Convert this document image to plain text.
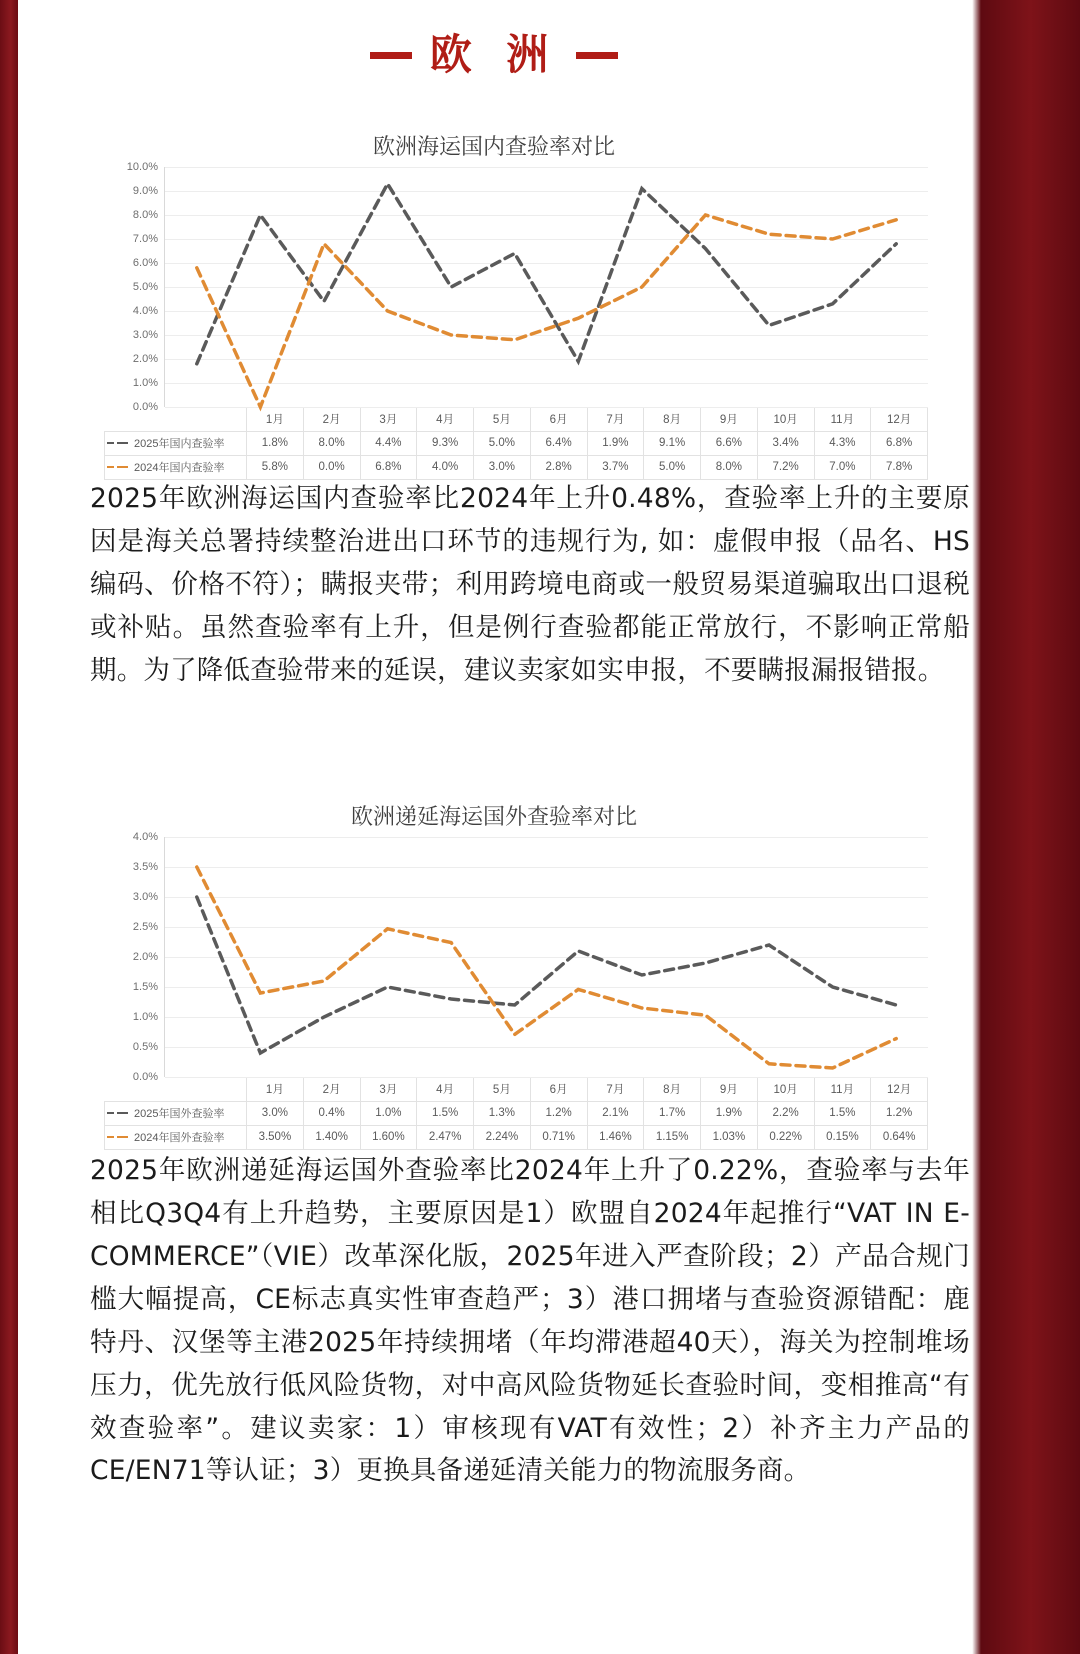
欧 洲
欧洲海运国内查验率对比
0.0%
1.0%
2.0%
3.0%
4.0%
5.0%
6.0%
7.0%
8.0%
9.0%
10.0%
	1月	2月	3月	4月	5月	6月	7月	8月	9月	10月	11月	12月
2025年国内查验率	1.8%	8.0%	4.4%	9.3%	5.0%	6.4%	1.9%	9.1%	6.6%	3.4%	4.3%	6.8%
2024年国内查验率	5.8%	0.0%	6.8%	4.0%	3.0%	2.8%	3.7%	5.0%	8.0%	7.2%	7.0%	7.8%
2025年欧洲海运国内查验率比2024年上升0.48%，查验率上升的主要原因是海关总署持续整治进出口环节的违规行为, 如：虚假申报（品名、HS编码、价格不符）；瞒报夹带；利用跨境电商或一般贸易渠道骗取出口退税或补贴。虽然查验率有上升，但是例行查验都能正常放行，不影响正常船期。为了降低查验带来的延误，建议卖家如实申报，不要瞒报漏报错报。
欧洲递延海运国外查验率对比
0.0%
0.5%
1.0%
1.5%
2.0%
2.5%
3.0%
3.5%
4.0%
	1月	2月	3月	4月	5月	6月	7月	8月	9月	10月	11月	12月
2025年国外查验率	3.0%	0.4%	1.0%	1.5%	1.3%	1.2%	2.1%	1.7%	1.9%	2.2%	1.5%	1.2%
2024年国外查验率	3.50%	1.40%	1.60%	2.47%	2.24%	0.71%	1.46%	1.15%	1.03%	0.22%	0.15%	0.64%
2025年欧洲递延海运国外查验率比2024年上升了0.22%，查验率与去年相比Q3Q4有上升趋势，主要原因是1）欧盟自2024年起推行“VAT IN E-COMMERCE”（VIE）改革深化版，2025年进入严查阶段；2）产品合规门槛大幅提高，CE标志真实性审查趋严；3）港口拥堵与查验资源错配：鹿特丹、汉堡等主港2025年持续拥堵（年均滞港超40天），海关为控制堆场压力，优先放行低风险货物，对中高风险货物延长查验时间，变相推高“有效查验率”。建议卖家：1）审核现有VAT有效性；2）补齐主力产品的CE/EN71等认证；3）更换具备递延清关能力的物流服务商。
